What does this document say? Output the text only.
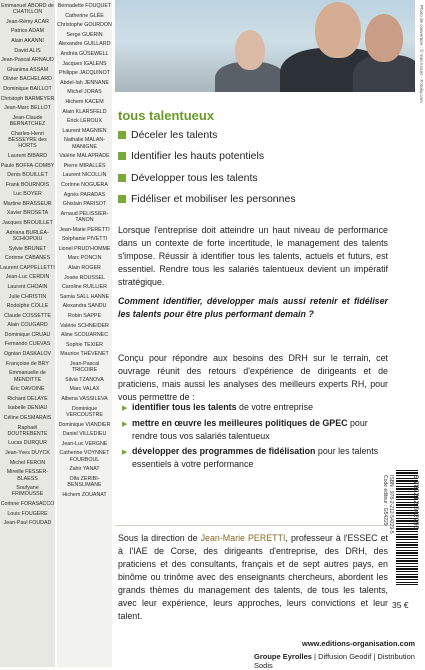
Emmanuel ABORD de CHATILLON
Jean-Rémy ACAR
Patrice ADAM
Alain AKANNI
David ALIS
Jean-Pascal ARNAUD
Ghanima ASSAM
Olivier BACHELARD
Dominique BAILLOT
Christoph BARMEYER
Jean-Marc BELLOT
Jean-Claude BERNATCHEZ
Charles-Henri BESSEYRE des HORTS
Laurent BIBARD
Paule BOFFA-COMBY
Denis BOUILLET
Frank BOURNOIS
Luc BOYER
Martine BRASSEUR
Xavier BROSETA
Jacques BROUILLET
Adriana BURLEA-SCHIOPOIU
Sylvie BRUNET
Corinne CABANES
Laurent CAPPELLETTI
Jean-Luc CERDIN
Laurent CHOAIN
Julie CHRISTIN
Rodolphe COLLE
Claude COSSETTE
Alain COUGARD
Dominique CRUAU
Fernando CUEVAS
Ognian DASKALOV
Françoise de BRY
Emmanuelle de MENDITTE
Éric DAVOINE
Richard DELAYE
Isabelle DENIAU
Céline DESMARAIS
Raphaël DOUTREBENTE
Lucas DURQUR
Jean-Yves DUYCK
Michel FERON
Mireille FESSER-BLAESS
Soufyane FRIMOUSSE
Corinne FORASACCO
Louis FOUGERE
Jean-Paul FOUDAD
Bernadette FOUQUET
Catherine GLÉE
Christophe GOURDON
Serge GUERIN
Alexandre GUILLARD
Andréa GÜSEWELL
Jacques IGALENS
Philippe JACQUINOT
Abdel-Iah JENNANE
Michel JORAS
Hichem KACEM
Alain KLARSFELD
Érick LEROUX
Laurent MAGNIEN
Nathalie MALAN-MANIGNE
Valérie MALAPRADE
Pierre MIRALLÈS
Laurent NICOLLIN
Corinne NOGUERA
Agnès PARADAS
Ghislain PARISOT
Arnaud PELISSIER-TANON
Jean-Marie PERETTI
Stéphanie PIVETTI
Lionel PRUD'HOMME
Marc PONCIN
Alain ROGER
Josée ROUSSEL
Caroline RUILLIER
Samia SALL HANNE
Alexandra SANDU
Robin SAPPE
Valérie SCHNEIDER
Aline SCOUARNEC
Sophie TEXIER
Maurice THÉVENET
Jean-Pascal TRICOIRE
Silvia TZANOVA
Marc VALAX
Albena VASSILEVA
Dominique VERCOUSTRE
Dominique VIANDIER
Daniel VILLEDIEU
Jean-Luc VERGNE
Catherine VOYNNET FOURBOUL
Zahir YANAT
Olfa ZERIBI-BENSLIMANE
Hichem ZOUANAT
tous talentueux
Déceler les talents
Identifier les hauts potentiels
Développer tous les talents
Fidéliser et mobiliser les personnes
Lorsque l'entreprise doit atteindre un haut niveau de performance dans un contexte de forte incertitude, le management des talents s'impose. Réussir à identifier tous les talents, actuels et futurs, est essentiel. Rendre tous les salariés talentueux devient un impératif stratégique.
Comment identifier, développer mais aussi retenir et fidéliser les talents pour être plus performant demain ?
Conçu pour répondre aux besoins des DRH sur le terrain, cet ouvrage réunit des retours d'expérience de dirigeants et de praticiens, mais aussi les analyses des meilleurs experts RH, pour vous permettre de :
▶ identifier tous les talents de votre entreprise
▶ mettre en œuvre les meilleures politiques de GPEC pour rendre tous vos salariés talentueux
▶ développer des programmes de fidélisation pour les talents essentiels à votre performance
Sous la direction de Jean-Marie PERETTI, professeur à l'ESSEC et à l'IAE de Corse, des dirigeants d'entreprise, des DRH, des praticiens et des consultants, français et de sept autres pays, en binôme ou trinôme avec des enseignants chercheurs, abordent les grands thèmes du management des talents, de tous les talents, avec leur expérience, leurs approches, leurs convictions et leur talent.
Photo de couverture : © Yuri Arcurs - Fotolia.com
Code éditeur : G54229 ISBN : 978-2-212-54229-5	9 782212 542295
35 €
www.editions-organisation.com
Groupe Eyrolles | Diffusion Geodif | Distribution Sodis
